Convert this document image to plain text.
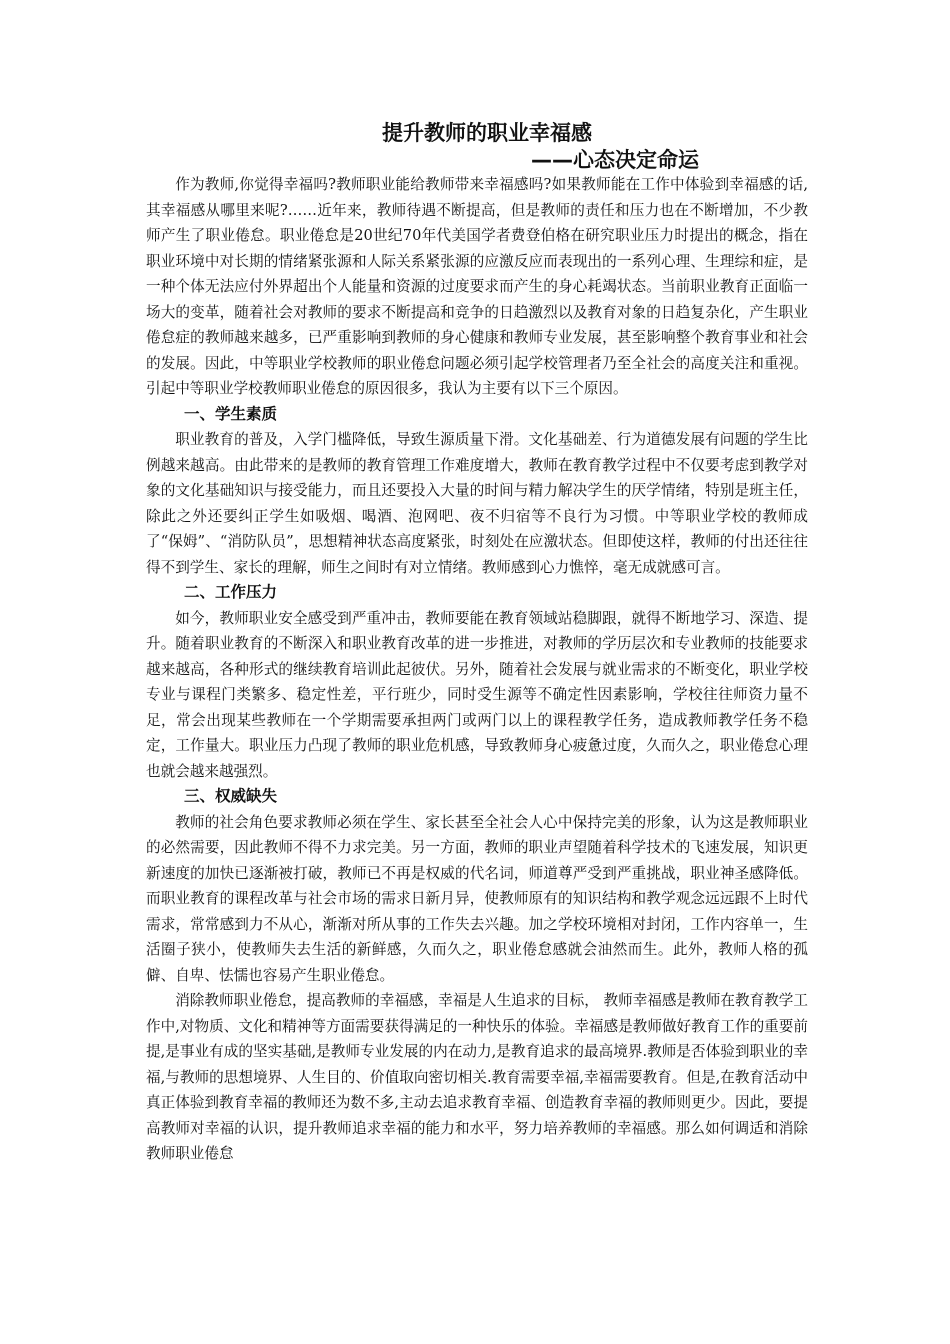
提升教师的职业幸福感
——心态决定命运

作为教师,你觉得幸福吗?教师职业能给教师带来幸福感吗?如果教师能在工作中体验到幸福感的话,其幸福感从哪里来呢?……近年来，教师待遇不断提高，但是教师的责任和压力也在不断增加，不少教师产生了职业倦怠。职业倦怠是20世纪70年代美国学者费登伯格在研究职业压力时提出的概念，指在职业环境中对长期的情绪紧张源和人际关系紧张源的应激反应而表现出的一系列心理、生理综和症，是一种个体无法应付外界超出个人能量和资源的过度要求而产生的身心耗竭状态。当前职业教育正面临一场大的变革，随着社会对教师的要求不断提高和竞争的日趋激烈以及教育对象的日趋复杂化，产生职业倦怠症的教师越来越多，已严重影响到教师的身心健康和教师专业发展，甚至影响整个教育事业和社会的发展。因此，中等职业学校教师的职业倦怠问题必须引起学校管理者乃至全社会的高度关注和重视。引起中等职业学校教师职业倦怠的原因很多，我认为主要有以下三个原因。

一、学生素质

职业教育的普及，入学门槛降低，导致生源质量下滑。文化基础差、行为道德发展有问题的学生比例越来越高。由此带来的是教师的教育管理工作难度增大，教师在教育教学过程中不仅要考虑到教学对象的文化基础知识与接受能力，而且还要投入大量的时间与精力解决学生的厌学情绪，特别是班主任，除此之外还要纠正学生如吸烟、喝酒、泡网吧、夜不归宿等不良行为习惯。中等职业学校的教师成了“保姆”、“消防队员”，思想精神状态高度紧张，时刻处在应激状态。但即使这样，教师的付出还往往得不到学生、家长的理解，师生之间时有对立情绪。教师感到心力憔悴，毫无成就感可言。

二、工作压力

如今，教师职业安全感受到严重冲击，教师要能在教育领域站稳脚跟，就得不断地学习、深造、提升。随着职业教育的不断深入和职业教育改革的进一步推进，对教师的学历层次和专业教师的技能要求越来越高，各种形式的继续教育培训此起彼伏。另外，随着社会发展与就业需求的不断变化，职业学校专业与课程门类繁多、稳定性差，平行班少，同时受生源等不确定性因素影响，学校往往师资力量不足，常会出现某些教师在一个学期需要承担两门或两门以上的课程教学任务，造成教师教学任务不稳定，工作量大。职业压力凸现了教师的职业危机感，导致教师身心疲惫过度，久而久之，职业倦怠心理也就会越来越强烈。

三、权威缺失

教师的社会角色要求教师必须在学生、家长甚至全社会人心中保持完美的形象，认为这是教师职业的必然需要，因此教师不得不力求完美。另一方面，教师的职业声望随着科学技术的飞速发展，知识更新速度的加快已逐渐被打破，教师已不再是权威的代名词，师道尊严受到严重挑战，职业神圣感降低。而职业教育的课程改革与社会市场的需求日新月异，使教师原有的知识结构和教学观念远远跟不上时代需求，常常感到力不从心，渐渐对所从事的工作失去兴趣。加之学校环境相对封闭，工作内容单一，生活圈子狭小，使教师失去生活的新鲜感，久而久之，职业倦怠感就会油然而生。此外，教师人格的孤僻、自卑、怯懦也容易产生职业倦怠。

消除教师职业倦怠，提高教师的幸福感，幸福是人生追求的目标， 教师幸福感是教师在教育教学工作中,对物质、文化和精神等方面需要获得满足的一种快乐的体验。幸福感是教师做好教育工作的重要前提,是事业有成的坚实基础,是教师专业发展的内在动力,是教育追求的最高境界.教师是否体验到职业的幸福,与教师的思想境界、人生目的、价值取向密切相关.教育需要幸福,幸福需要教育。但是,在教育活动中真正体验到教育幸福的教师还为数不多,主动去追求教育幸福、创造教育幸福的教师则更少。因此，要提高教师对幸福的认识，提升教师追求幸福的能力和水平，努力培养教师的幸福感。那么如何调适和消除教师职业倦怠
